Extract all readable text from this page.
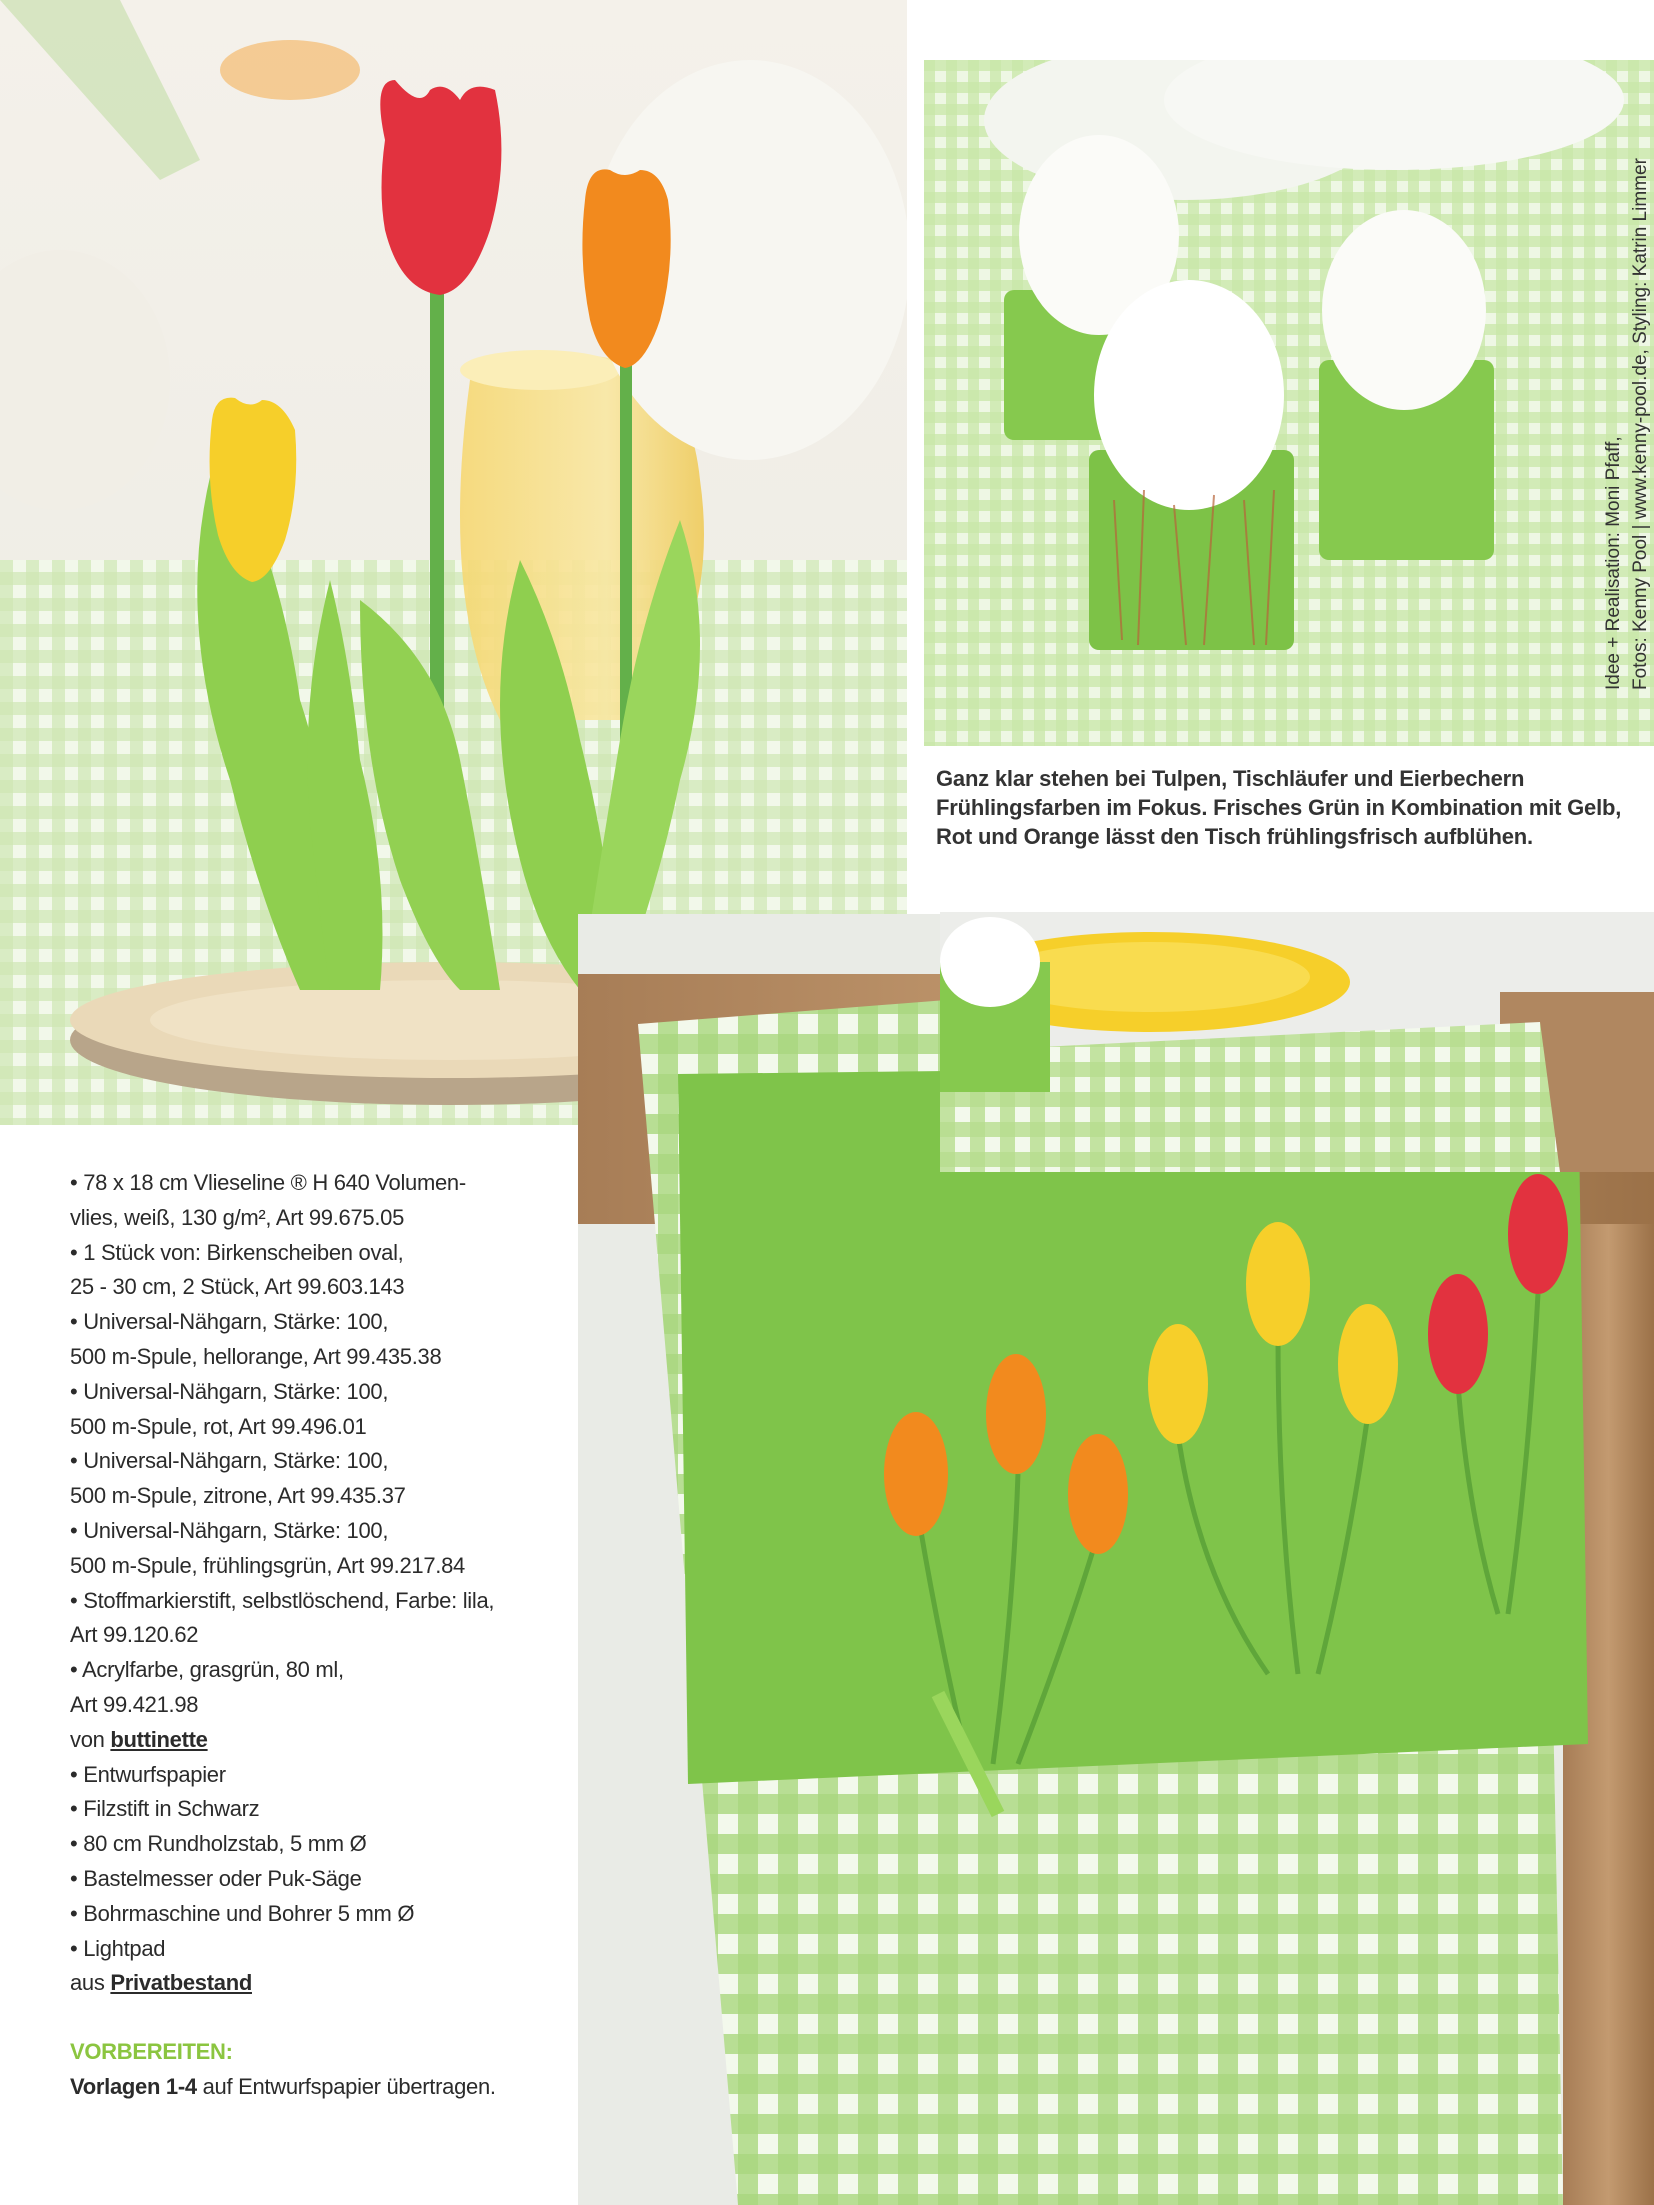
Idee + Realisation: Moni Pfaff, Fotos: Kenny Pool | www.kenny-pool.de, Styling: Katrin Limmer
Ganz klar stehen bei Tulpen, Tischläufer und Eierbechern Frühlingsfarben im Fokus. Frisches Grün in Kombination mit Gelb, Rot und Orange lässt den Tisch frühlingsfrisch aufblühen.
• 78 x 18 cm Vlieseline ® H 640 Volumen-
vlies, weiß, 130 g/m², Art 99.675.05
• 1 Stück von: Birkenscheiben oval,
25 - 30 cm, 2 Stück, Art 99.603.143
• Universal-Nähgarn, Stärke: 100,
500 m-Spule, hellorange, Art 99.435.38
• Universal-Nähgarn, Stärke: 100,
500 m-Spule, rot, Art 99.496.01
• Universal-Nähgarn, Stärke: 100,
500 m-Spule, zitrone, Art 99.435.37
• Universal-Nähgarn, Stärke: 100,
500 m-Spule, frühlingsgrün, Art 99.217.84
• Stoffmarkierstift, selbstlöschend, Farbe: lila,
Art 99.120.62
• Acrylfarbe, grasgrün, 80 ml,
Art 99.421.98
von buttinette
• Entwurfspapier
• Filzstift in Schwarz
• 80 cm Rundholzstab, 5 mm Ø
• Bastelmesser oder Puk-Säge
• Bohrmaschine und Bohrer 5 mm Ø
• Lightpad
aus Privatbestand
VORBEREITEN:
Vorlagen 1-4 auf Entwurfspapier übertragen.
